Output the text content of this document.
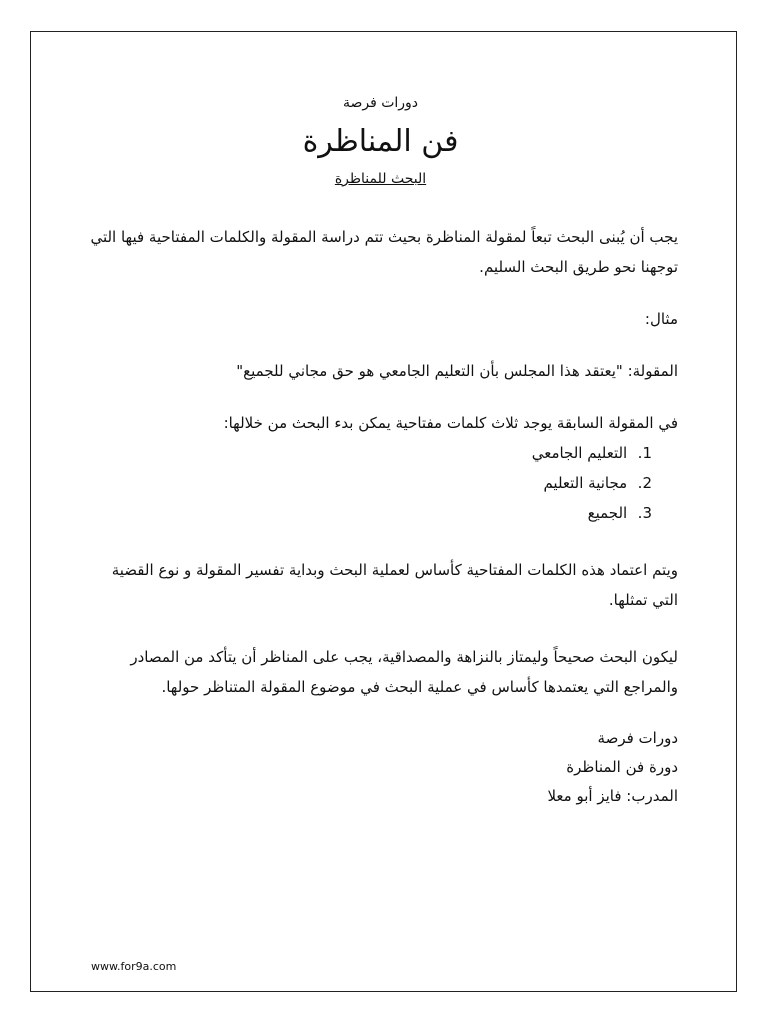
دورات فرصة
فن المناظرة
البحث للمناظرة

يجب أن يُبنى البحث تبعاً لمقولة المناظرة بحيث تتم دراسة المقولة والكلمات المفتاحية فيها التي توجهنا نحو طريق البحث السليم.

مثال:

المقولة: "يعتقد هذا المجلس بأن التعليم الجامعي هو حق مجاني للجميع"

في المقولة السابقة يوجد ثلاث كلمات مفتاحية يمكن بدء البحث من خلالها:

1. التعليم الجامعي
2. مجانية التعليم
3. الجميع

ويتم اعتماد هذه الكلمات المفتاحية كأساس لعملية البحث وبداية تفسير المقولة و نوع القضية التي تمثلها.

ليكون البحث صحيحاً وليمتاز بالنزاهة والمصداقية، يجب على المناظر أن يتأكد من المصادر والمراجع التي يعتمدها كأساس في عملية البحث في موضوع المقولة المتناظر حولها.

دورات فرصة

دورة فن المناظرة

المدرب: فايز أبو معلا

www.for9a.com
